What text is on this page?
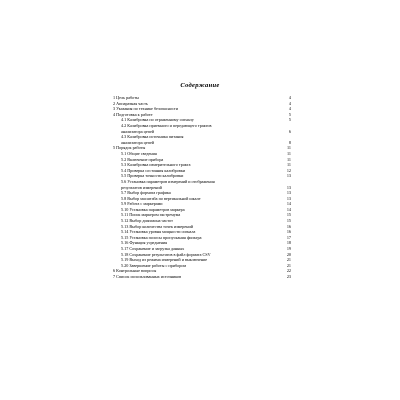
Содержание
1 Цель работы	4
2 Аппаратная часть	4
3 Указания по технике безопасности	4
4 Подготовка к работе	5
4.1 Калибровка по отраженному сигналу	5
4.2 Калибровка приемного и передающего трактов
анализатора цепей	6
4.3 Калибровка источника питания
анализатора цепей	8
5 Порядок работы	11
5.1 Общие сведения	11
5.2 Включение прибора	11
5.3 Калибровка измерительного тракта	11
5.4 Проверка состояния калибровки	12
5.5 Проверка точности калибровки	13
5.6 Установка параметров измерений и отображения
результатов измерений	13
5.7 Выбор формата графика	13
5.8 Выбор масштаба по вертикальной шкале	13
5.9 Работа с маркерами	14
5.10 Установка параметров маркера	14
5.11 Поиск маркером экстремума	15
5.12 Выбор диапазона частот	15
5.13 Выбор количества точек измерений	16
5.14 Установка уровня мощности сигнала	16
5.15 Установка полосы пропускания фильтра	17
5.16 Функция усреднения	18
5.17 Сохранение и загрузка данных	19
5.18 Сохранение результатов в файл формата CSV	20
5.19 Выход из режима измерений и выключение	21
5.20 Завершение работы с прибором	21
6 Контрольные вопросы	22
7 Список использованных источников	23
